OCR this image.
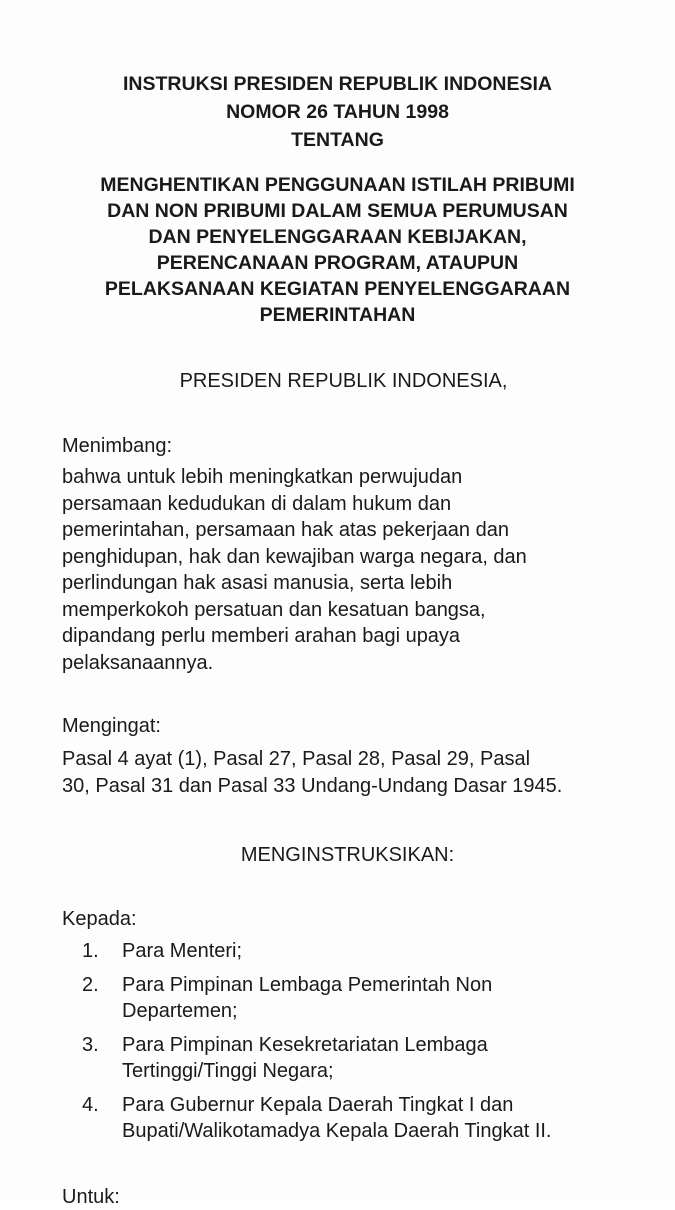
INSTRUKSI PRESIDEN REPUBLIK INDONESIA
NOMOR 26 TAHUN 1998
TENTANG
MENGHENTIKAN PENGGUNAAN ISTILAH PRIBUMI
DAN NON PRIBUMI DALAM SEMUA PERUMUSAN
DAN PENYELENGGARAAN KEBIJAKAN,
PERENCANAAN PROGRAM, ATAUPUN
PELAKSANAAN KEGIATAN PENYELENGGARAAN
PEMERINTAHAN
PRESIDEN REPUBLIK INDONESIA,
Menimbang:
bahwa untuk lebih meningkatkan perwujudan
persamaan kedudukan di dalam hukum dan
pemerintahan, persamaan hak atas pekerjaan dan
penghidupan, hak dan kewajiban warga negara, dan
perlindungan hak asasi manusia, serta lebih
memperkokoh persatuan dan kesatuan bangsa,
dipandang perlu memberi arahan bagi upaya
pelaksanaannya.
Mengingat:
Pasal 4 ayat (1), Pasal 27, Pasal 28, Pasal 29, Pasal
30, Pasal 31 dan Pasal 33 Undang-Undang Dasar 1945.
MENGINSTRUKSIKAN:
Kepada:
1. Para Menteri;
2. Para Pimpinan Lembaga Pemerintah Non
Departemen;
3. Para Pimpinan Kesekretariatan Lembaga
Tertinggi/Tinggi Negara;
4. Para Gubernur Kepala Daerah Tingkat I dan
Bupati/Walikotamadya Kepala Daerah Tingkat II.
Untuk:
